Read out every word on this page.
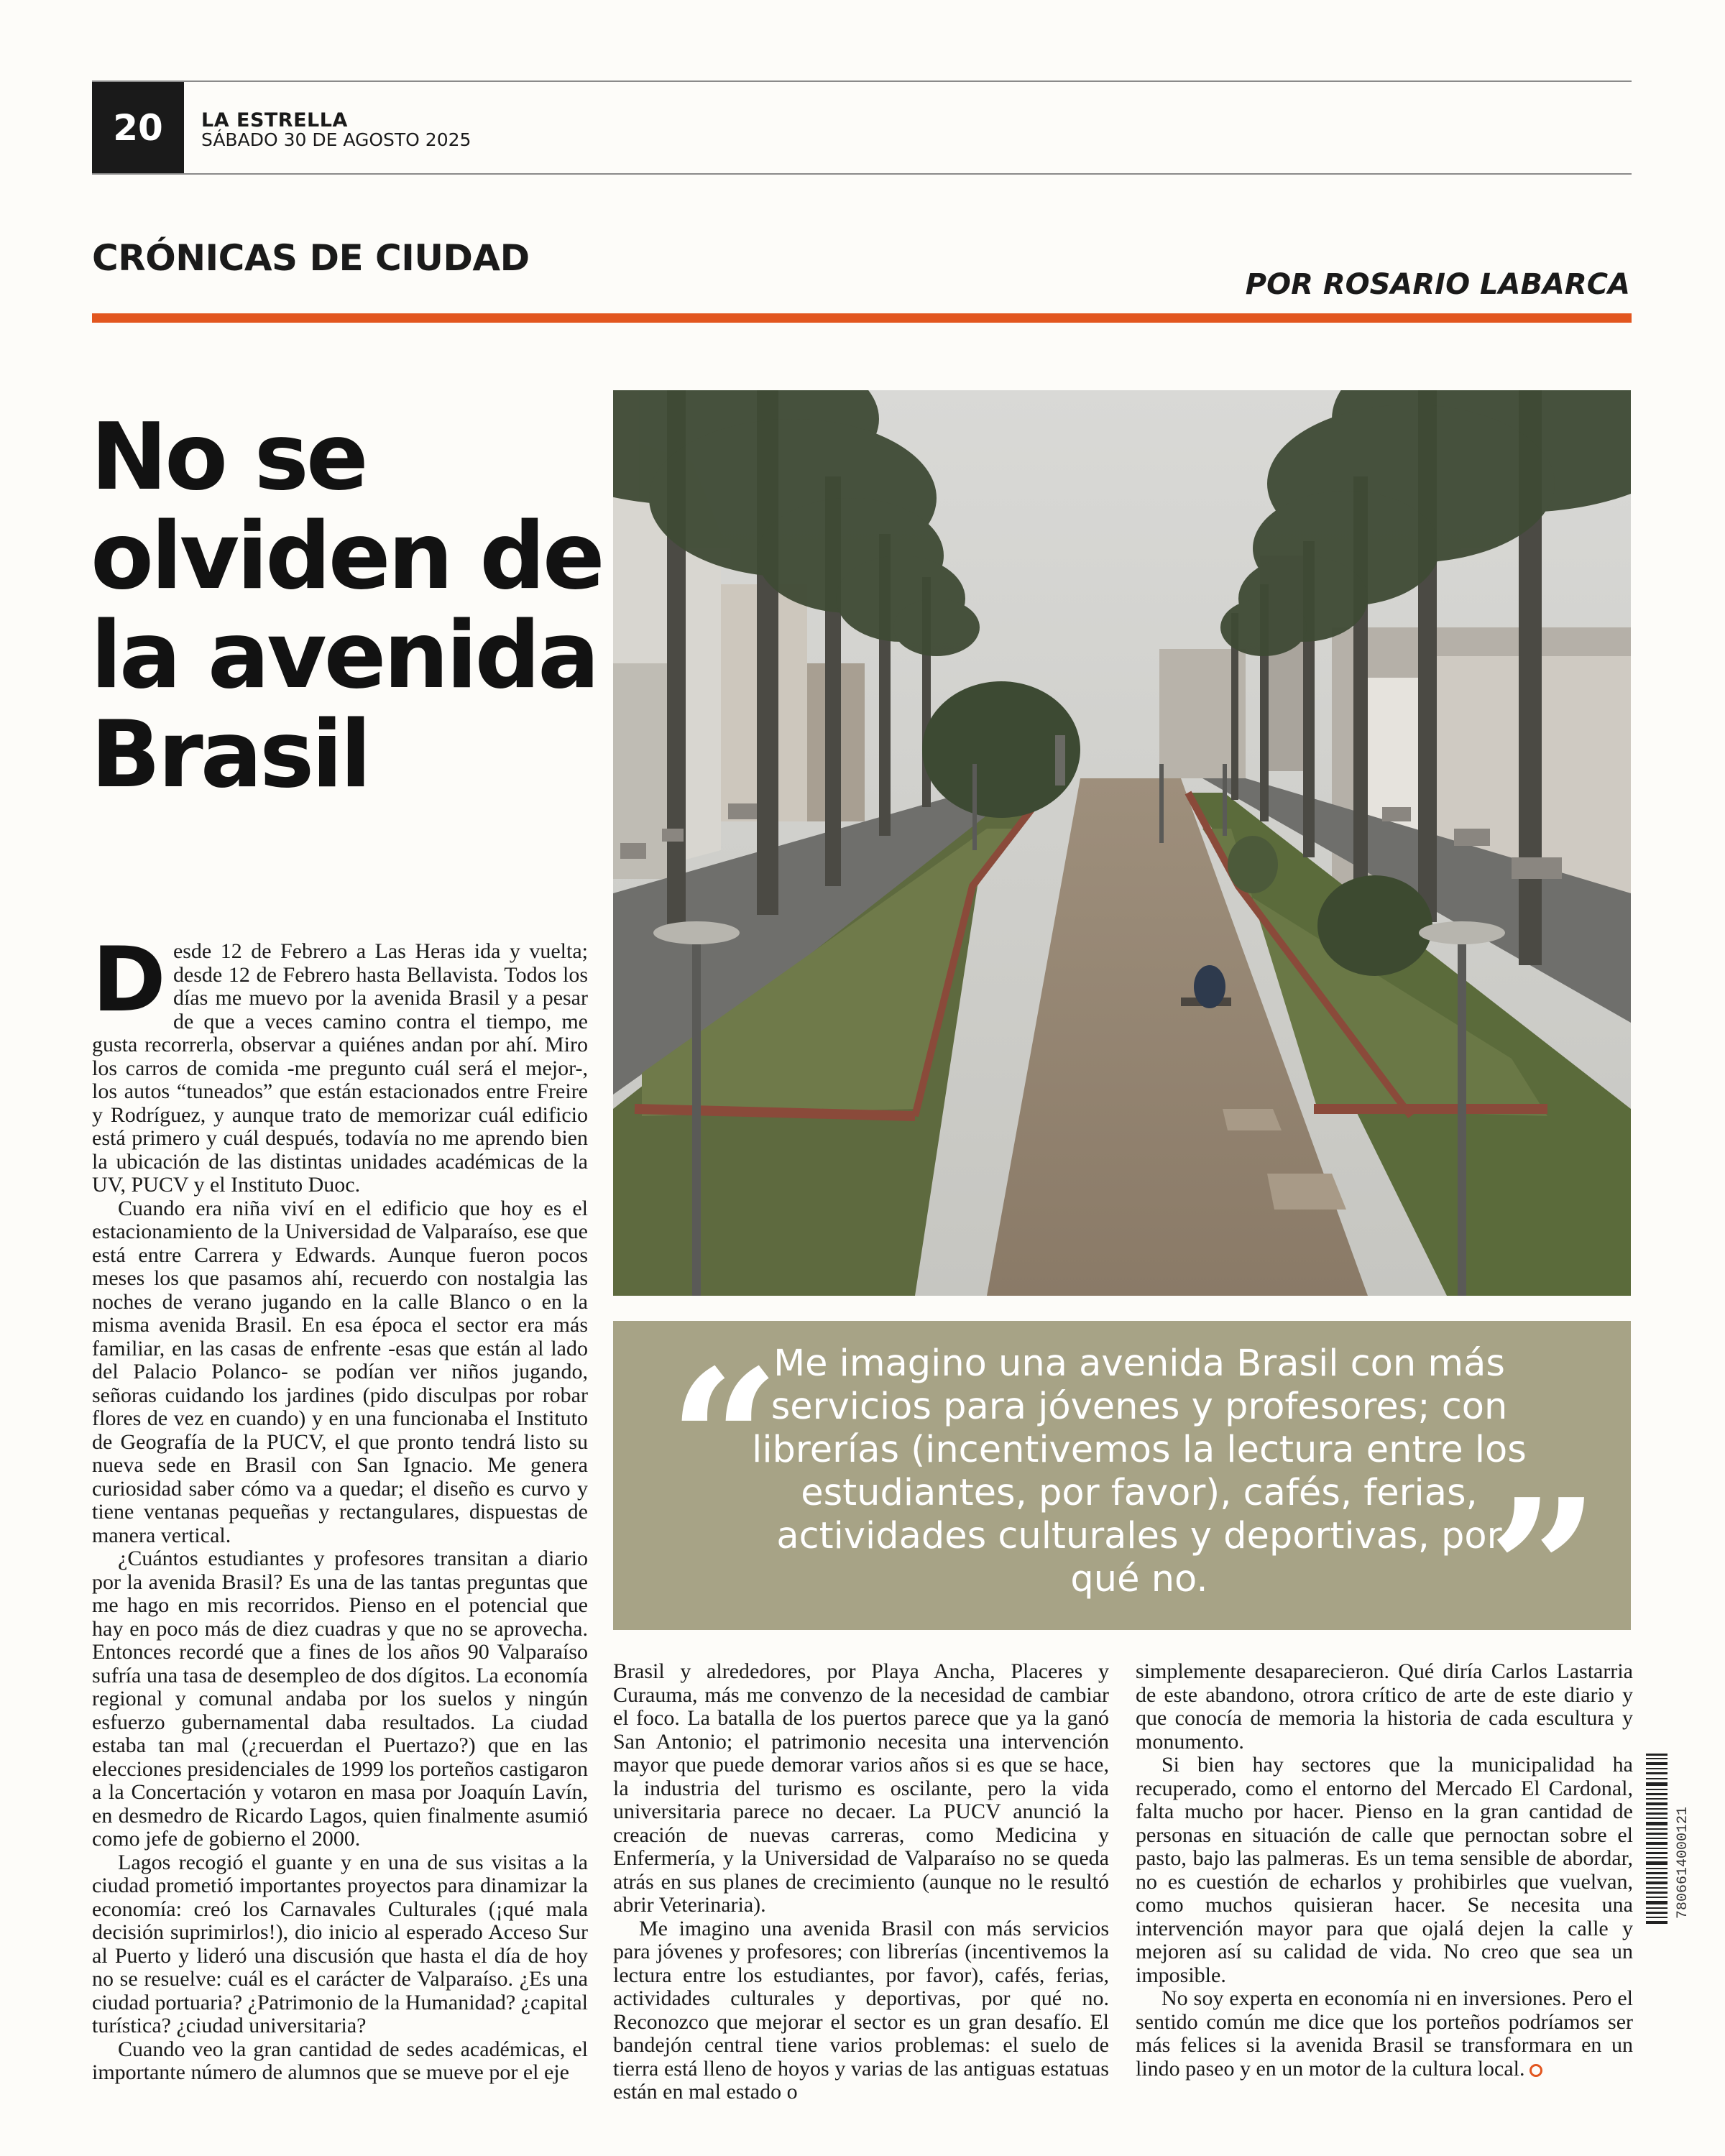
20	LA ESTRELLA
SÁBADO 30 DE AGOSTO 2025
CRÓNICAS DE CIUDAD
POR ROSARIO LABARCA
No se
olviden de
la avenida
Brasil
“

Me imagino una avenida Brasil con más servicios para jóvenes y profesores; con librerías (incentivemos la lectura entre los estudiantes, por favor), cafés, ferias, actividades culturales y deportivas, por qué no.	”

Desde 12 de Febrero a Las Heras ida y vuelta; desde 12 de Febrero hasta Bellavista. Todos los días me muevo por la avenida Brasil y a pesar de que a veces camino contra el tiempo, me gusta recorrerla, observar a quiénes andan por ahí. Miro los carros de comida -me pregunto cuál será el mejor-, los autos “tuneados” que están estacionados entre Freire y Rodríguez, y aunque trato de memorizar cuál edificio está primero y cuál después, todavía no me aprendo bien la ubicación de las distintas unidades académicas de la UV, PUCV y el Instituto Duoc.

Cuando era niña viví en el edificio que hoy es el estacionamiento de la Universidad de Valparaíso, ese que está entre Carrera y Edwards. Aunque fueron pocos meses los que pasamos ahí, recuerdo con nostalgia las noches de verano jugando en la calle Blanco o en la misma avenida Brasil. En esa época el sector era más familiar, en las casas de enfrente -esas que están al lado del Palacio Polanco- se podían ver niños jugando, señoras cuidando los jardines (pido disculpas por robar flores de vez en cuando) y en una funcionaba el Instituto de Geografía de la PUCV, el que pronto tendrá listo su nueva sede en Brasil con San Ignacio. Me genera curiosidad saber cómo va a quedar; el diseño es curvo y tiene ventanas pequeñas y rectangulares, dispuestas de manera vertical.

¿Cuántos estudiantes y profesores transitan a diario por la avenida Brasil? Es una de las tantas preguntas que me hago en mis recorridos. Pienso en el potencial que hay en poco más de diez cuadras y que no se aprovecha. Entonces recordé que a fines de los años 90 Valparaíso sufría una tasa de desempleo de dos dígitos. La economía regional y comunal andaba por los suelos y ningún esfuerzo gubernamental daba resultados. La ciudad estaba tan mal (¿recuerdan el Puertazo?) que en las elecciones presidenciales de 1999 los porteños castigaron a la Concertación y votaron en masa por Joaquín Lavín, en desmedro de Ricardo Lagos, quien finalmente asumió como jefe de gobierno el 2000.

Lagos recogió el guante y en una de sus visitas a la ciudad prometió importantes proyectos para dinamizar la economía: creó los Carnavales Culturales (¡qué mala decisión suprimirlos!), dio inicio al esperado Acceso Sur al Puerto y lideró una discusión que hasta el día de hoy no se resuelve: cuál es el carácter de Valparaíso. ¿Es una ciudad portuaria? ¿Patrimonio de la Humanidad? ¿capital turística? ¿ciudad universitaria?

Cuando veo la gran cantidad de sedes académicas, el importante número de alumnos que se mueve por el eje

Brasil y alrededores, por Playa Ancha, Placeres y Curauma, más me convenzo de la necesidad de cambiar el foco. La batalla de los puertos parece que ya la ganó San Antonio; el patrimonio necesita una intervención mayor que puede demorar varios años si es que se hace, la industria del turismo es oscilante, pero la vida universitaria parece no decaer. La PUCV anunció la creación de nuevas carreras, como Medicina y Enfermería, y la Universidad de Valparaíso no se queda atrás en sus planes de crecimiento (aunque no le resultó abrir Veterinaria).

Me imagino una avenida Brasil con más servicios para jóvenes y profesores; con librerías (incentivemos la lectura entre los estudiantes, por favor), cafés, ferias, actividades culturales y deportivas, por qué no. Reconozco que mejorar el sector es un gran desafío. El bandejón central tiene varios problemas: el suelo de tierra está lleno de hoyos y varias de las antiguas estatuas están en mal estado o

simplemente desaparecieron. Qué diría Carlos Lastarria de este abandono, otrora crítico de arte de este diario y que conocía de memoria la historia de cada escultura y monumento.

Si bien hay sectores que la municipalidad ha recuperado, como el entorno del Mercado El Cardonal, falta mucho por hacer. Pienso en la gran cantidad de personas en situación de calle que pernoctan sobre el pasto, bajo las palmeras. Es un tema sensible de abordar, no es cuestión de echarlos y prohibirles que vuelvan, como muchos quisieran hacer. Se necesita una intervención mayor para que ojalá dejen la calle y mejoren así su calidad de vida. No creo que sea un imposible.

No soy experta en economía ni en inversiones. Pero el sentido común me dice que los porteños podríamos ser más felices si la avenida Brasil se transformara en un lindo paseo y en un motor de la cultura local.

7806614000121
